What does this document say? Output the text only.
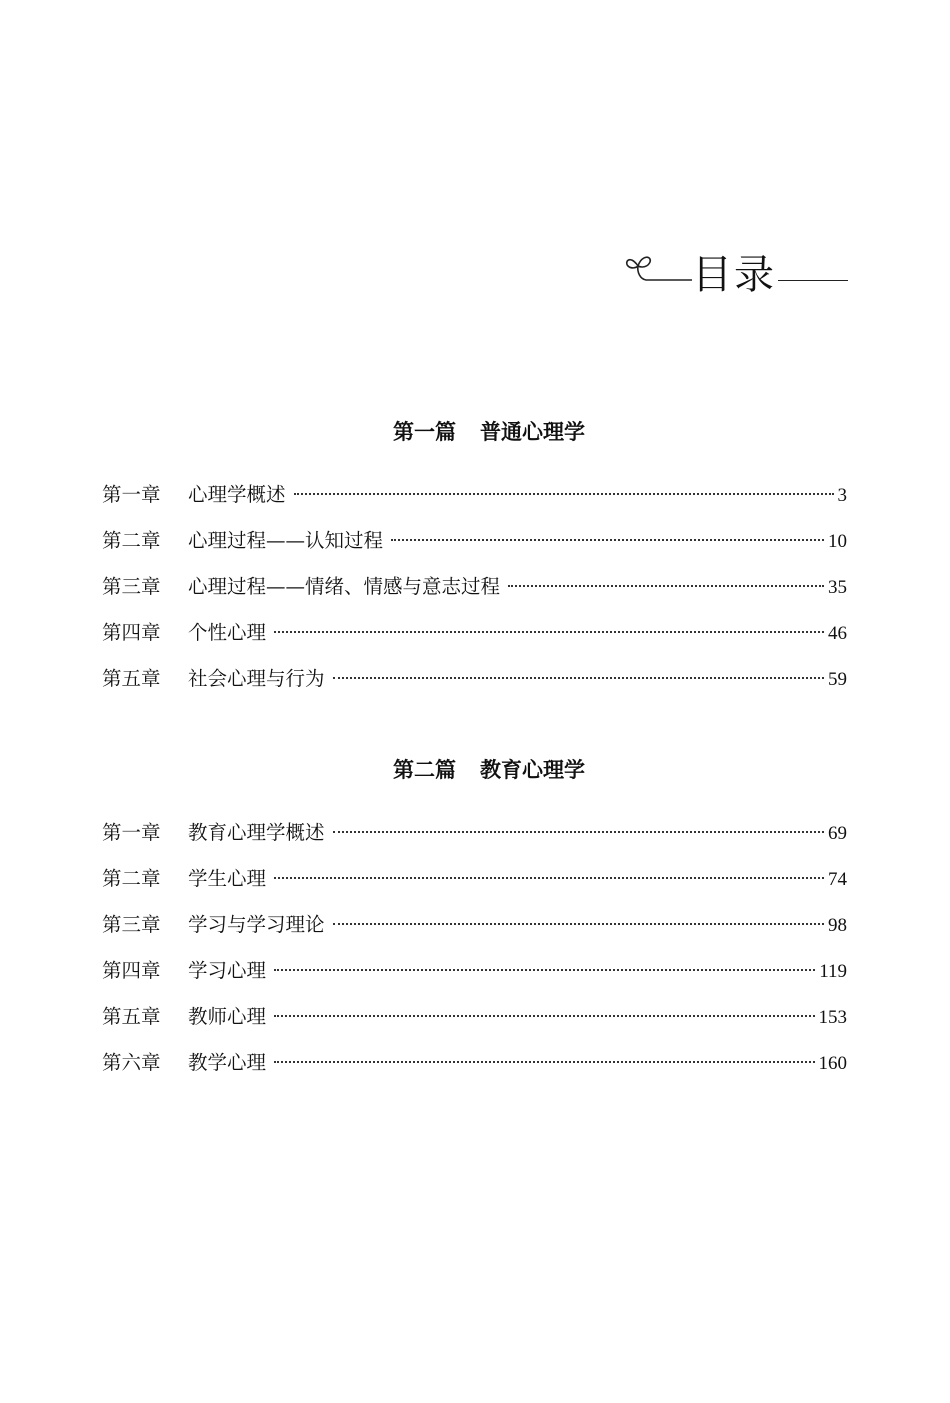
目录
第一篇 普通心理学
第一章	心理学概述	3
第二章	心理过程——认知过程	10
第三章	心理过程——情绪、情感与意志过程	35
第四章	个性心理	46
第五章	社会心理与行为	59
第二篇 教育心理学
第一章	教育心理学概述	69
第二章	学生心理	74
第三章	学习与学习理论	98
第四章	学习心理	119
第五章	教师心理	153
第六章	教学心理	160
